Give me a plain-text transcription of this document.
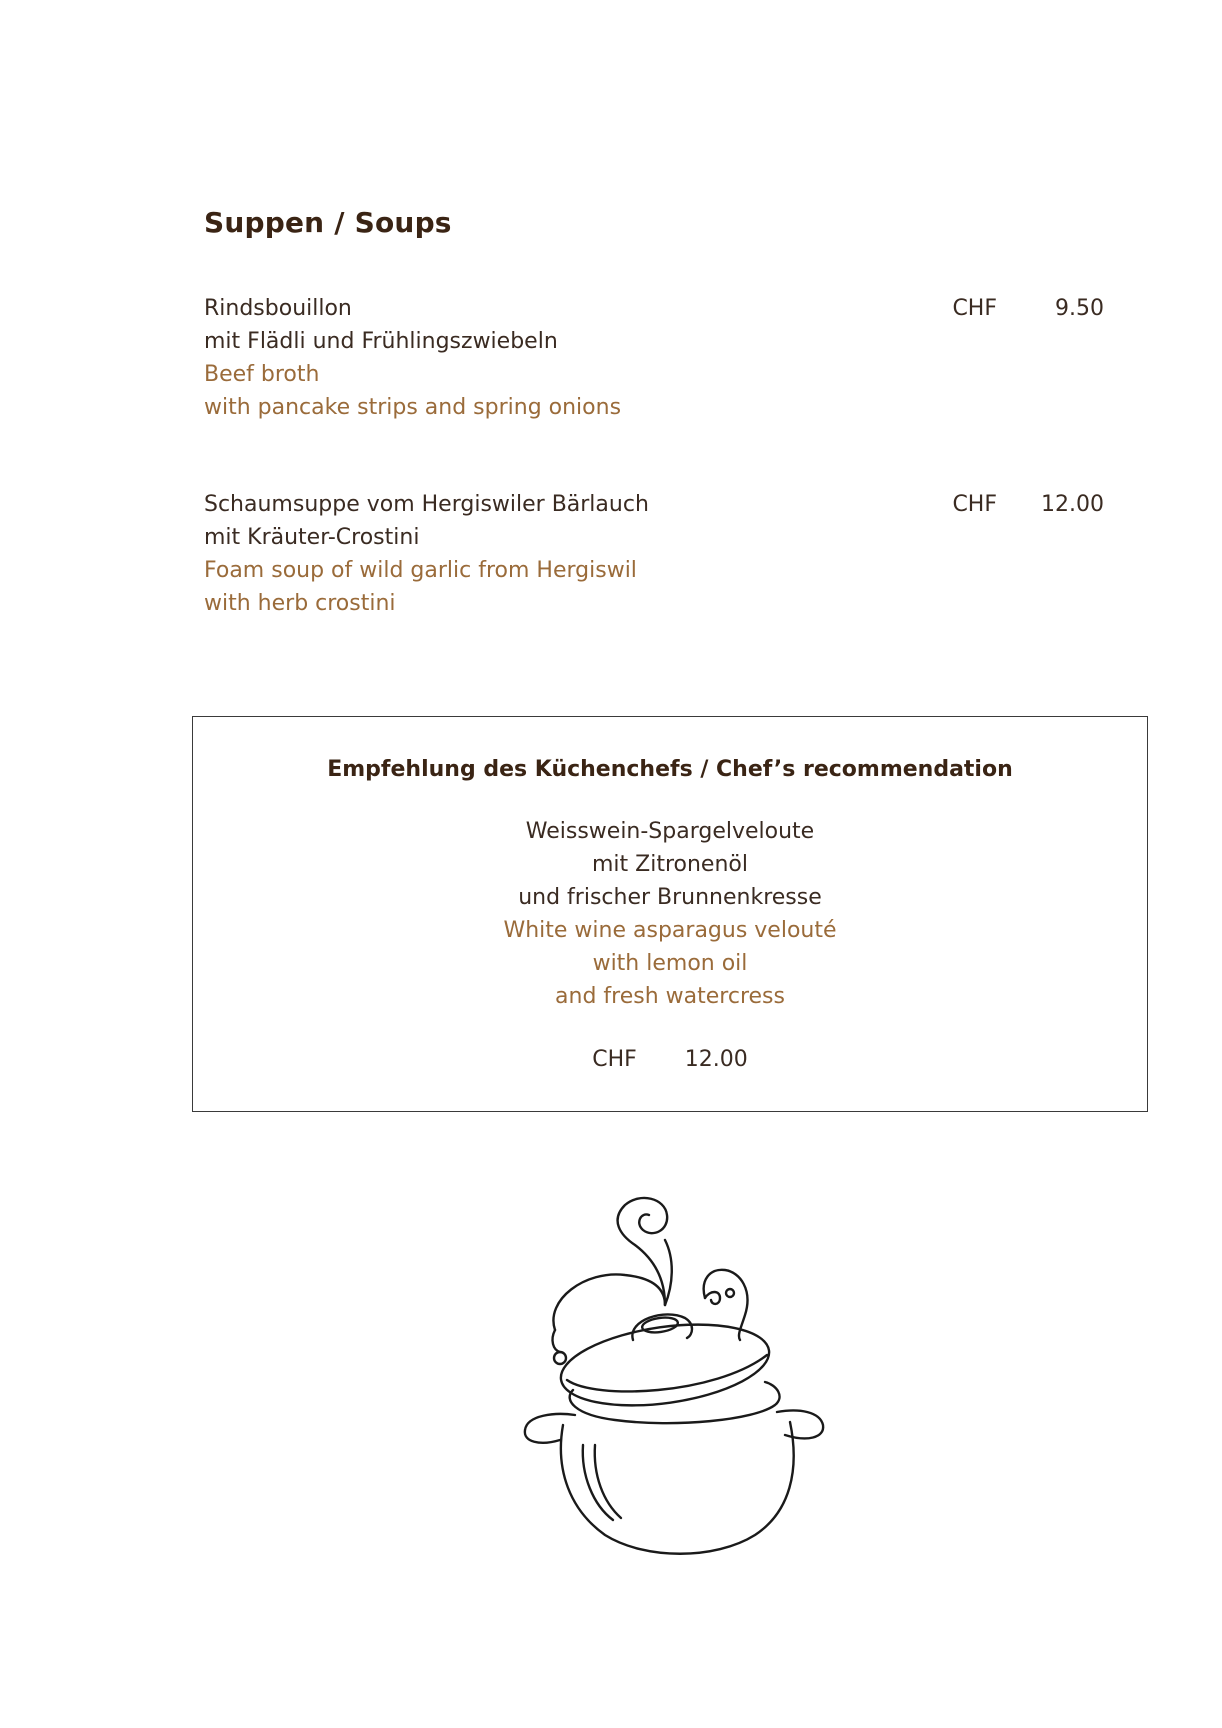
Suppen / Soups
Rindsbouillon
mit Flädli und Frühlingszwiebeln
Beef broth
with pancake strips and spring onions
CHF	9.50
Schaumsuppe vom Hergiswiler Bärlauch
mit Kräuter-Crostini
Foam soup of wild garlic from Hergiswil
with herb crostini
CHF 12.00
Empfehlung des Küchenchefs / Chef’s recommendation
Weisswein-Spargelveloute
mit Zitronenöl
und frischer Brunnenkresse
White wine asparagus velouté
with lemon oil
and fresh watercress
CHF 12.00
